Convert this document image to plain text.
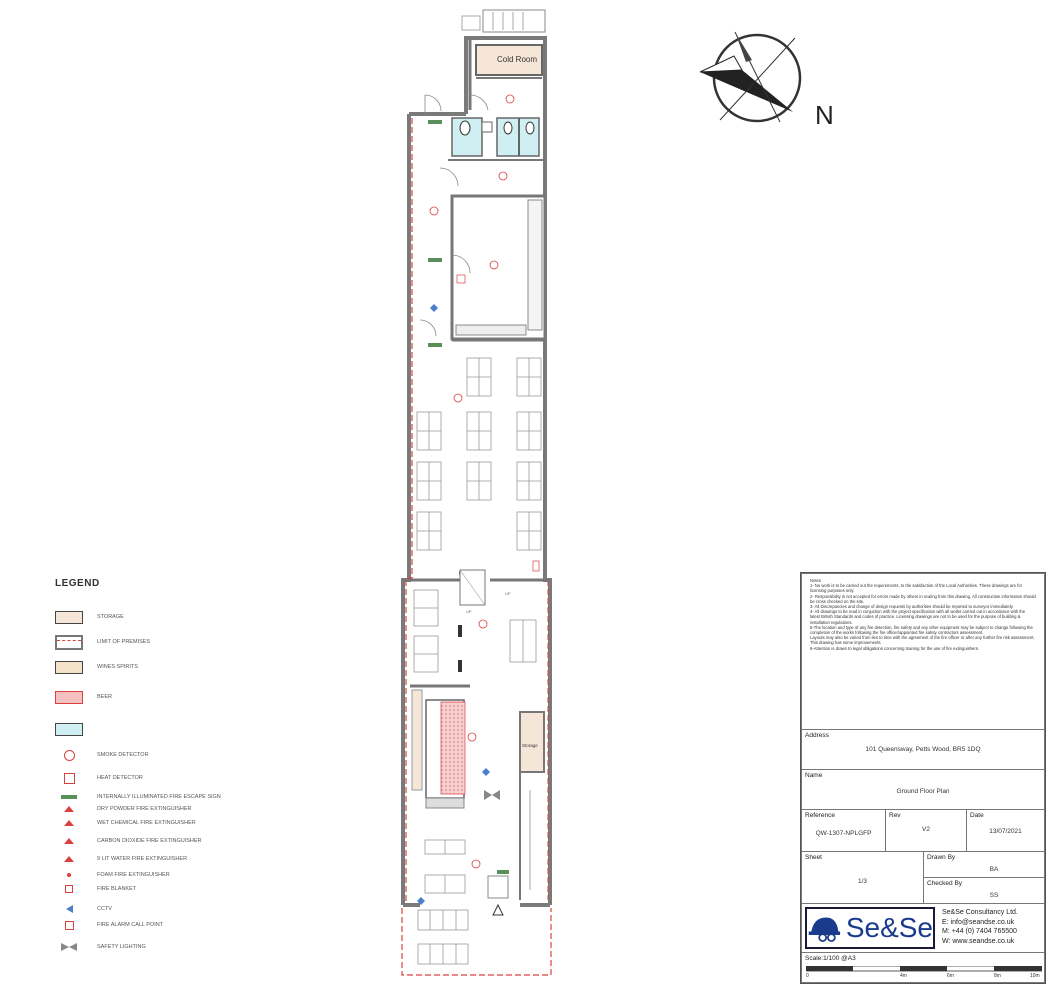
Cold Room
UP
UP
Storage
N
LEGEND
STORAGE
LIMIT OF PREMISES
WINES SPIRITS
BEER
SMOKE DETECTOR
HEAT DETECTOR
INTERNALLY ILLUMINATED FIRE ESCAPE SIGN
DRY POWDER FIRE EXTINGUISHER
WET CHEMICAL FIRE EXTINGUISHER
CARBON DIOXIDE FIRE EXTINGUISHER
9 LIT WATER FIRE EXTINGUISHER
FOAM FIRE EXTINGUISHER
FIRE BLANKET
CCTV
FIRE ALARM CALL POINT
SAFETY LIGHTING
Notes
1- No work is to be carried out the requirements, to the satisfaction of the Local Authorities. These drawings are for licensing purposes only.
2- Responsibility is not accepted for errors made by others in scaling from this drawing. All construction information should be cross checked on the site.
3- All Discrepancies and change of design requests by authorities should be reported to surveyor immediately.
4- All drawings to be read in conjuction with the project specification with all works carried out in accordance with the latest British Standards and codes of practice. Licensing drawings are not to be used for the purpose of building & installation regulations.
5-The location and type of any fire detection, fire safety and any other equipment may be subject to change following the completion of the works following the fire officer/appointed fire safety contractors assessment.
Layouts may also be varied from lies to time with the agreement of the fire officer or after any further fire risk assessment. This drawing has some improvements.
6-Attention is drawn to legal obligations concerning training for the use of fire extinguishers.
Address
101 Queensway, Petts Wood, BR5 1DQ
Name
Ground Floor Plan
Reference
QW-1307-NPLGFP
Rev
V2
Date
13/07/2021
Sheet
1/3
Drawn By
BA
Checked By
SS
Se&Se Se&Se Consultancy Ltd.
E: info@seandse.co.uk
M: +44 (0) 7404 765500
W: www.seandse.co.uk
Scale:1/100 @A3
0	4m	6m	8m	10m
